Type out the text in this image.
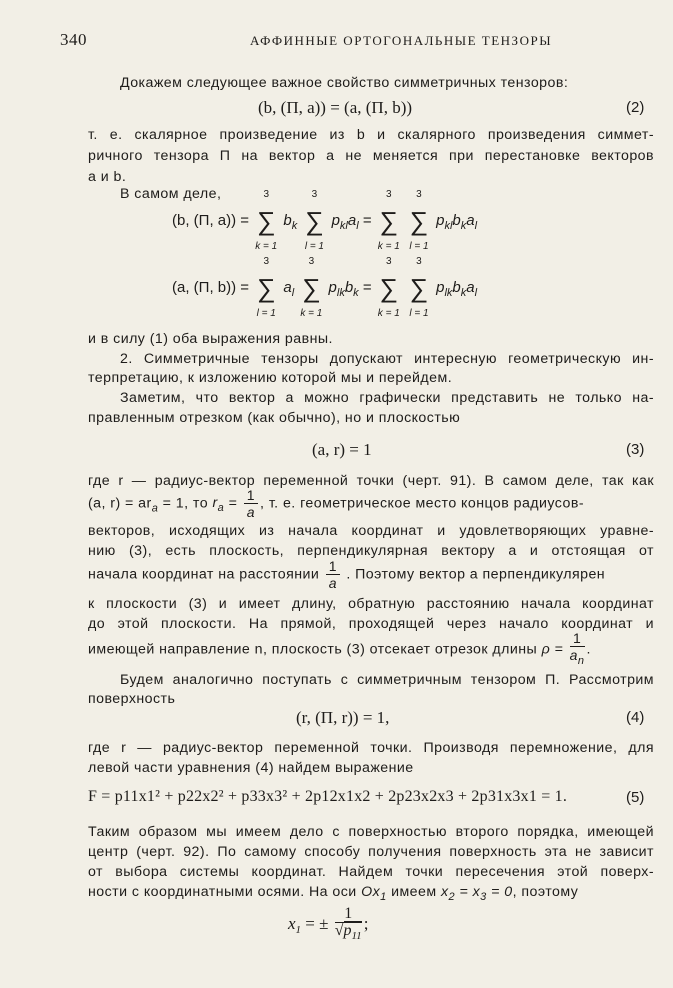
340	АФФИННЫЕ ОРТОГОНАЛЬНЫЕ ТЕНЗОРЫ
Докажем следующее важное свойство симметричных тензоров:
(b, (П, a)) = (a, (П, b))	(2)
т. е. скалярное произведение из b и скалярного произведения симмет-
ричного тензора П на вектор a не меняется при перестановке векторов
a и b.
В самом деле,
(b, (П, a)) =
3
∑
k = 1
$b_k$
3
∑
l = 1
$p_{kl}a_l$ =
3
∑
k = 1

3
∑
l = 1
$p_{kl}b_ka_l$
(a, (П, b)) =
3
∑
l = 1
$a_l$
3
∑
k = 1
$p_{lk}b_k$ =
3
∑
k = 1

3
∑
l = 1
$p_{lk}b_ka_l$
и в силу (1) оба выражения равны.
2. Симметричные тензоры допускают интересную геометрическую ин-
терпретацию, к изложению которой мы и перейдем.
Заметим, что вектор a можно графически представить не только на-
правленным отрезком (как обычно), но и плоскостью
(a, r) = 1	(3)
где r — радиус-вектор переменной точки (черт. 91). В самом деле, так как
(a, $r) = ar_a = 1$, то $r_a = \frac{1}{a}$ , т. е. геометрическое место концов радиусов-
векторов, исходящих из начала координат и удовлетворяющих уравне-
нию (3), есть плоскость, перпендикулярная вектору a и отстоящая от
начала координат на расстоянии $\frac{1}{a}$ . Поэтому вектор a перпендикулярен
к плоскости (3) и имеет длину, обратную расстоянию начала координат
до этой плоскости. На прямой, проходящей через начало координат и
имеющей направление n, плоскость (3) отсекает отрезок длины $\rho = \frac{1}{a_n}$ .
Будем аналогично поступать с симметричным тензором П. Рассмотрим
поверхность
(r, (П, r)) = 1,	(4)
где r — радиус-вектор переменной точки. Производя перемножение, для
левой части уравнения (4) найдем выражение
F = p11x1² + p22x2² + p33x3² + 2p12x1x2 + 2p23x2x3 + 2p31x3x1 = 1.	(5)
Таким образом мы имеем дело с поверхностью второго порядка, имеющей
центр (черт. 92). По самому способу получения поверхность эта не зависит
от выбора системы координат. Найдем точки пересечения этой поверх-
ности с координатными осями. На оси $Ox_1$ имеем $x_2 = x_3 = 0$, поэтому
$x_1$ = ± $\frac{1}{√p_{11}}$ ;
